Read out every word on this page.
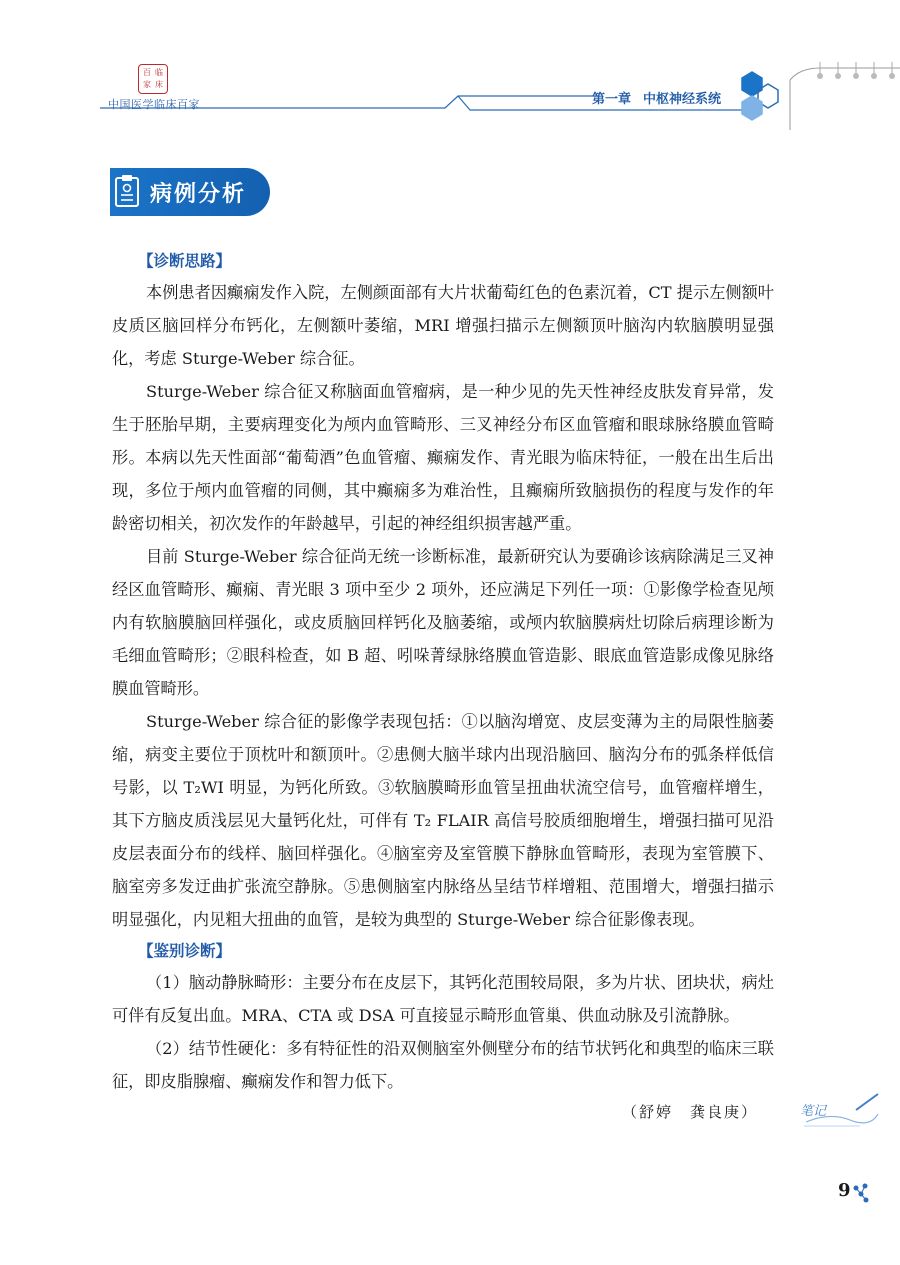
百 临
家 床
中国医学临床百家	第一章 中枢神经系统
病例分析
【诊断思路】

本例患者因癫痫发作入院，左侧颜面部有大片状葡萄红色的色素沉着，CT 提示左侧额叶皮质区脑回样分布钙化，左侧额叶萎缩，MRI 增强扫描示左侧额顶叶脑沟内软脑膜明显强化，考虑 Sturge-Weber 综合征。

Sturge-Weber 综合征又称脑面血管瘤病，是一种少见的先天性神经皮肤发育异常，发生于胚胎早期，主要病理变化为颅内血管畸形、三叉神经分布区血管瘤和眼球脉络膜血管畸形。本病以先天性面部“葡萄酒”色血管瘤、癫痫发作、青光眼为临床特征，一般在出生后出现，多位于颅内血管瘤的同侧，其中癫痫多为难治性，且癫痫所致脑损伤的程度与发作的年龄密切相关，初次发作的年龄越早，引起的神经组织损害越严重。

目前 Sturge-Weber 综合征尚无统一诊断标准，最新研究认为要确诊该病除满足三叉神经区血管畸形、癫痫、青光眼 3 项中至少 2 项外，还应满足下列任一项：①影像学检查见颅内有软脑膜脑回样强化，或皮质脑回样钙化及脑萎缩，或颅内软脑膜病灶切除后病理诊断为毛细血管畸形；②眼科检查，如 B 超、吲哚菁绿脉络膜血管造影、眼底血管造影成像见脉络膜血管畸形。

Sturge-Weber 综合征的影像学表现包括：①以脑沟增宽、皮层变薄为主的局限性脑萎缩，病变主要位于顶枕叶和额顶叶。②患侧大脑半球内出现沿脑回、脑沟分布的弧条样低信号影，以 T₂WI 明显，为钙化所致。③软脑膜畸形血管呈扭曲状流空信号，血管瘤样增生，其下方脑皮质浅层见大量钙化灶，可伴有 T₂ FLAIR 高信号胶质细胞增生，增强扫描可见沿皮层表面分布的线样、脑回样强化。④脑室旁及室管膜下静脉血管畸形，表现为室管膜下、脑室旁多发迂曲扩张流空静脉。⑤患侧脑室内脉络丛呈结节样增粗、范围增大，增强扫描示明显强化，内见粗大扭曲的血管，是较为典型的 Sturge-Weber 综合征影像表现。

【鉴别诊断】

（1）脑动静脉畸形：主要分布在皮层下，其钙化范围较局限，多为片状、团块状，病灶可伴有反复出血。MRA、CTA 或 DSA 可直接显示畸形血管巢、供血动脉及引流静脉。

（2）结节性硬化：多有特征性的沿双侧脑室外侧壁分布的结节状钙化和典型的临床三联征，即皮脂腺瘤、癫痫发作和智力低下。

（舒婷　龚良庚）	笔记
9
